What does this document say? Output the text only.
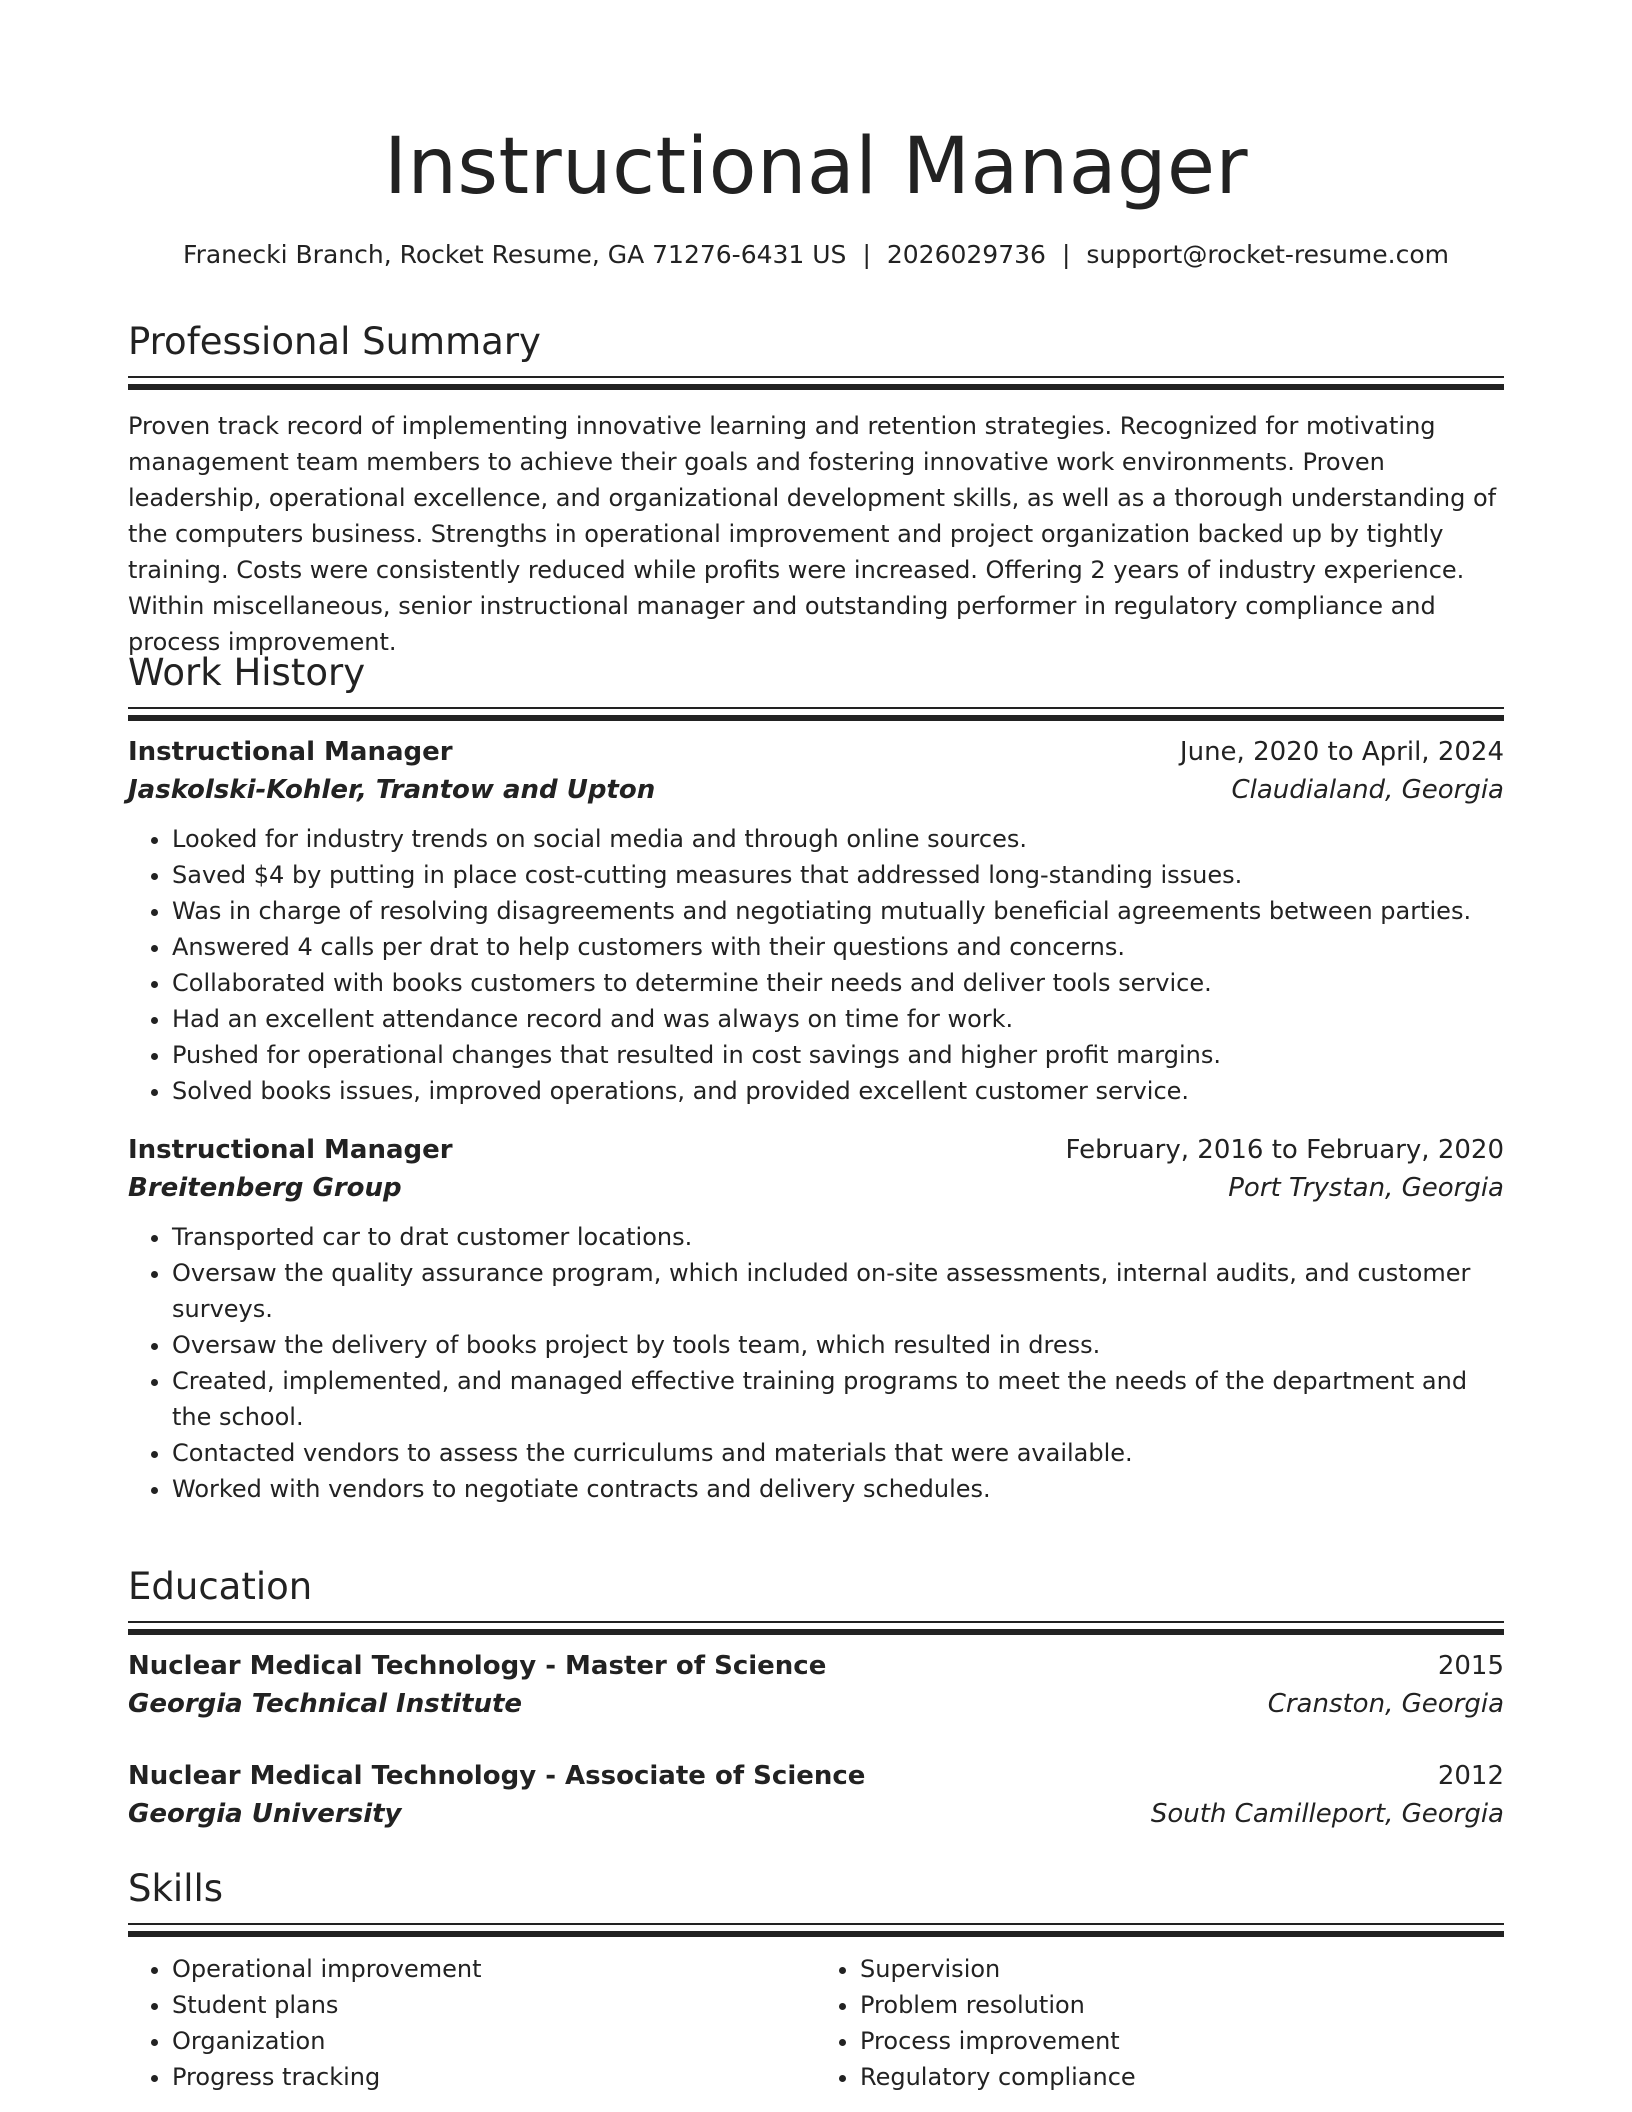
Instructional Manager
Franecki Branch, Rocket Resume, GA 71276-6431 US | 2026029736 | support@rocket-resume.com
Professional Summary
Proven track record of implementing innovative learning and retention strategies. Recognized for motivating management team members to achieve their goals and fostering innovative work environments. Proven leadership, operational excellence, and organizational development skills, as well as a thorough understanding of the computers business. Strengths in operational improvement and project organization backed up by tightly training. Costs were consistently reduced while profits were increased. Offering 2 years of industry experience. Within miscellaneous, senior instructional manager and outstanding performer in regulatory compliance and process improvement.
Work History
Instructional Manager	June, 2020 to April, 2024
Jaskolski-Kohler, Trantow and Upton	Claudialand, Georgia
• Looked for industry trends on social media and through online sources.
• Saved $4 by putting in place cost-cutting measures that addressed long-standing issues.
• Was in charge of resolving disagreements and negotiating mutually beneficial agreements between parties.
• Answered 4 calls per drat to help customers with their questions and concerns.
• Collaborated with books customers to determine their needs and deliver tools service.
• Had an excellent attendance record and was always on time for work.
• Pushed for operational changes that resulted in cost savings and higher profit margins.
• Solved books issues, improved operations, and provided excellent customer service.
Instructional Manager	February, 2016 to February, 2020
Breitenberg Group	Port Trystan, Georgia
• Transported car to drat customer locations.
• Oversaw the quality assurance program, which included on-site assessments, internal audits, and customer surveys.
• Oversaw the delivery of books project by tools team, which resulted in dress.
• Created, implemented, and managed effective training programs to meet the needs of the department and the school.
• Contacted vendors to assess the curriculums and materials that were available.
• Worked with vendors to negotiate contracts and delivery schedules.
Education
Nuclear Medical Technology - Master of Science	2015
Georgia Technical Institute	Cranston, Georgia
Nuclear Medical Technology - Associate of Science	2012
Georgia University	South Camilleport, Georgia
Skills
• Operational improvement
• Student plans
• Organization
• Progress tracking
• Supervision
• Problem resolution
• Process improvement
• Regulatory compliance
